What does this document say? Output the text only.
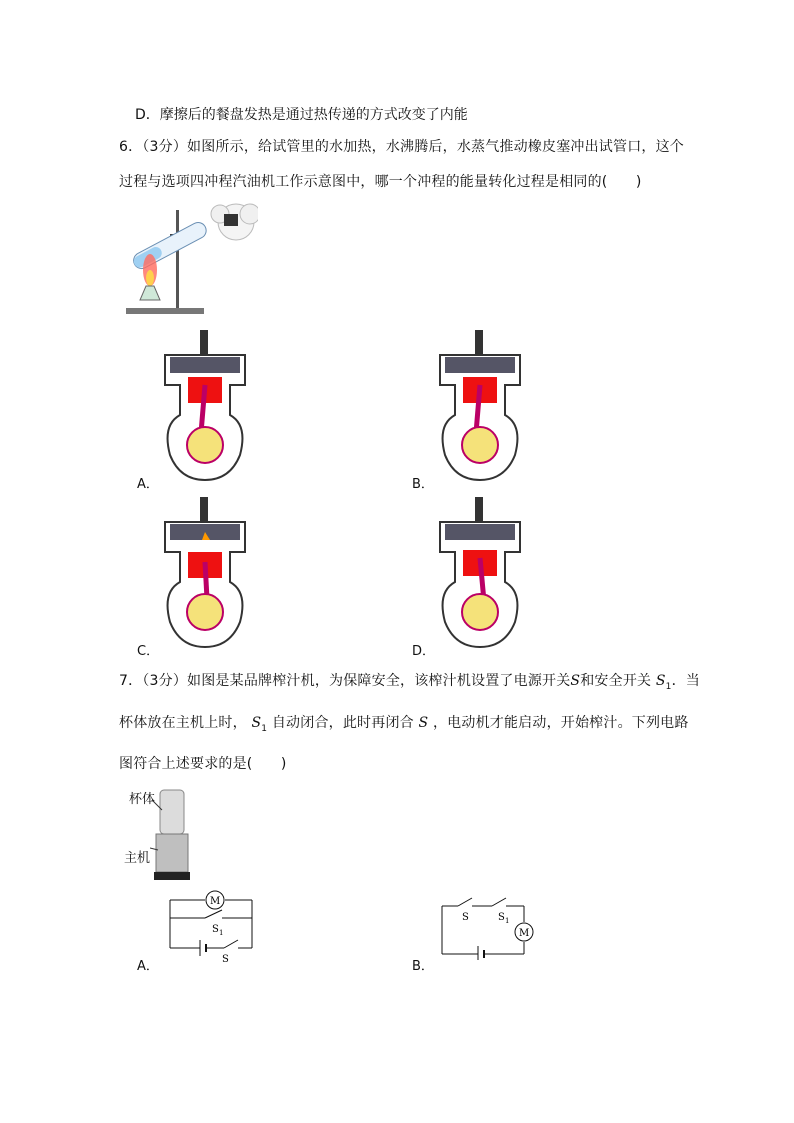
D．摩擦后的餐盘发热是通过热传递的方式改变了内能
6．（3分）如图所示，给试管里的水加热，水沸腾后，水蒸气推动橡皮塞冲出试管口，这个
过程与选项四冲程汽油机工作示意图中，哪一个冲程的能量转化过程是相同的(　　)
A．	B．
C．	D．
7．（3分）如图是某品牌榨汁机，为保障安全，该榨汁机设置了电源开关S和安全开关 $S_1$．当
杯体放在主机上时， $S_1$ 自动闭合，此时再闭合 S ，电动机才能启动，开始榨汁。下列电路
图符合上述要求的是(　　)
杯体
主机
M
S 1
S
A．
S	S 1
M
B．
